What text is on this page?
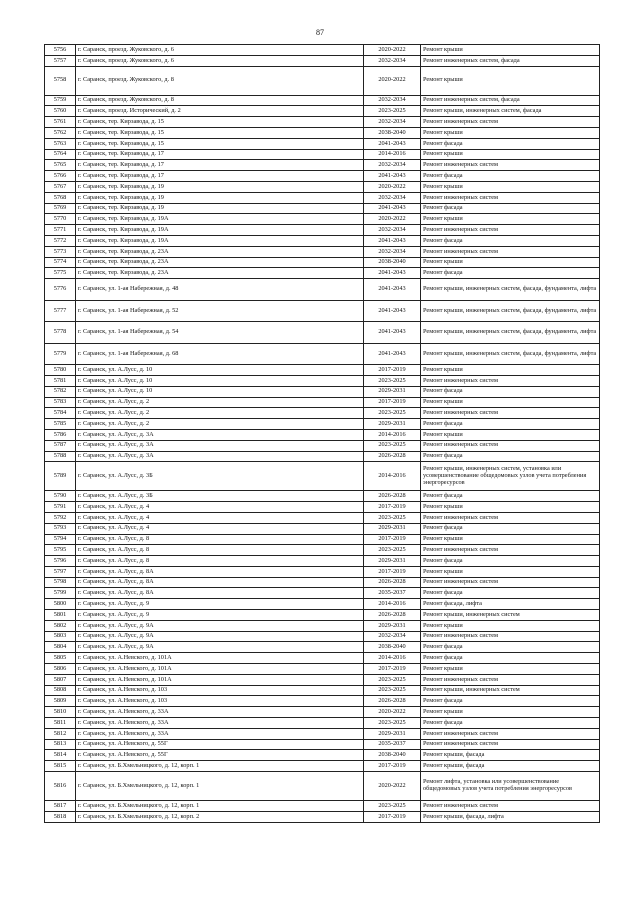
87
5756	г. Саранск, проезд. Жуковского, д. 6	2020-2022	Ремонт крыши
5757	г. Саранск, проезд. Жуковского, д. 6	2032-2034	Ремонт инженерных систем, фасада
5758	г. Саранск, проезд. Жуковского, д. 8	2020-2022	Ремонт крыши
5759	г. Саранск, проезд. Жуковского, д. 8	2032-2034	Ремонт инженерных систем, фасада
5760	г. Саранск, проезд. Исторический, д. 2	2023-2025	Ремонт крыши, инженерных систем, фасада
5761	г. Саранск, тер. Кирзавода, д. 15	2032-2034	Ремонт инженерных систем
5762	г. Саранск, тер. Кирзавода, д. 15	2038-2040	Ремонт крыши
5763	г. Саранск, тер. Кирзавода, д. 15	2041-2043	Ремонт фасада
5764	г. Саранск, тер. Кирзавода, д. 17	2014-2016	Ремонт крыши
5765	г. Саранск, тер. Кирзавода, д. 17	2032-2034	Ремонт инженерных систем
5766	г. Саранск, тер. Кирзавода, д. 17	2041-2043	Ремонт фасада
5767	г. Саранск, тер. Кирзавода, д. 19	2020-2022	Ремонт крыши
5768	г. Саранск, тер. Кирзавода, д. 19	2032-2034	Ремонт инженерных систем
5769	г. Саранск, тер. Кирзавода, д. 19	2041-2043	Ремонт фасада
5770	г. Саранск, тер. Кирзавода, д. 19А	2020-2022	Ремонт крыши
5771	г. Саранск, тер. Кирзавода, д. 19А	2032-2034	Ремонт инженерных систем
5772	г. Саранск, тер. Кирзавода, д. 19А	2041-2043	Ремонт фасада
5773	г. Саранск, тер. Кирзавода, д. 23А	2032-2034	Ремонт инженерных систем
5774	г. Саранск, тер. Кирзавода, д. 23А	2038-2040	Ремонт крыши
5775	г. Саранск, тер. Кирзавода, д. 23А	2041-2043	Ремонт фасада
5776	г. Саранск, ул. 1-ая Набережная, д. 48	2041-2043	Ремонт крыши, инженерных систем, фасада, фундамента, лифта
5777	г. Саранск, ул. 1-ая Набережная, д. 52	2041-2043	Ремонт крыши, инженерных систем, фасада, фундамента, лифта
5778	г. Саранск, ул. 1-ая Набережная, д. 54	2041-2043	Ремонт крыши, инженерных систем, фасада, фундамента, лифта
5779	г. Саранск, ул. 1-ая Набережная, д. 68	2041-2043	Ремонт крыши, инженерных систем, фасада, фундамента, лифта
5780	г. Саранск, ул. А.Лусс, д. 10	2017-2019	Ремонт крыши
5781	г. Саранск, ул. А.Лусс, д. 10	2023-2025	Ремонт инженерных систем
5782	г. Саранск, ул. А.Лусс, д. 10	2029-2031	Ремонт фасада
5783	г. Саранск, ул. А.Лусс, д. 2	2017-2019	Ремонт крыши
5784	г. Саранск, ул. А.Лусс, д. 2	2023-2025	Ремонт инженерных систем
5785	г. Саранск, ул. А.Лусс, д. 2	2029-2031	Ремонт фасада
5786	г. Саранск, ул. А.Лусс, д. 3А	2014-2016	Ремонт крыши
5787	г. Саранск, ул. А.Лусс, д. 3А	2023-2025	Ремонт инженерных систем
5788	г. Саранск, ул. А.Лусс, д. 3А	2026-2028	Ремонт фасада
5789	г. Саранск, ул. А.Лусс, д. 3Б	2014-2016	Ремонт крыши, инженерных систем, установка или усовершенствование общедомовых узлов учета потребления энергоресурсов
5790	г. Саранск, ул. А.Лусс, д. 3Б	2026-2028	Ремонт фасада
5791	г. Саранск, ул. А.Лусс, д. 4	2017-2019	Ремонт крыши
5792	г. Саранск, ул. А.Лусс, д. 4	2023-2025	Ремонт инженерных систем
5793	г. Саранск, ул. А.Лусс, д. 4	2029-2031	Ремонт фасада
5794	г. Саранск, ул. А.Лусс, д. 8	2017-2019	Ремонт крыши
5795	г. Саранск, ул. А.Лусс, д. 8	2023-2025	Ремонт инженерных систем
5796	г. Саранск, ул. А.Лусс, д. 8	2029-2031	Ремонт фасада
5797	г. Саранск, ул. А.Лусс, д. 8А	2017-2019	Ремонт крыши
5798	г. Саранск, ул. А.Лусс, д. 8А	2026-2028	Ремонт инженерных систем
5799	г. Саранск, ул. А.Лусс, д. 8А	2035-2037	Ремонт фасада
5800	г. Саранск, ул. А.Лусс, д. 9	2014-2016	Ремонт фасада, лифта
5801	г. Саранск, ул. А.Лусс, д. 9	2026-2028	Ремонт крыши, инженерных систем
5802	г. Саранск, ул. А.Лусс, д. 9А	2029-2031	Ремонт крыши
5803	г. Саранск, ул. А.Лусс, д. 9А	2032-2034	Ремонт инженерных систем
5804	г. Саранск, ул. А.Лусс, д. 9А	2038-2040	Ремонт фасада
5805	г. Саранск, ул. А.Невского, д. 101А	2014-2016	Ремонт фасада
5806	г. Саранск, ул. А.Невского, д. 101А	2017-2019	Ремонт крыши
5807	г. Саранск, ул. А.Невского, д. 101А	2023-2025	Ремонт инженерных систем
5808	г. Саранск, ул. А.Невского, д. 103	2023-2025	Ремонт крыши, инженерных систем
5809	г. Саранск, ул. А.Невского, д. 103	2026-2028	Ремонт фасада
5810	г. Саранск, ул. А.Невского, д. 33А	2020-2022	Ремонт крыши
5811	г. Саранск, ул. А.Невского, д. 33А	2023-2025	Ремонт фасада
5812	г. Саранск, ул. А.Невского, д. 33А	2029-2031	Ремонт инженерных систем
5813	г. Саранск, ул. А.Невского, д. 55Г	2035-2037	Ремонт инженерных систем
5814	г. Саранск, ул. А.Невского, д. 55Г	2038-2040	Ремонт крыши, фасада
5815	г. Саранск, ул. Б.Хмельницкого, д. 12, корп. 1	2017-2019	Ремонт крыши, фасада
5816	г. Саранск, ул. Б.Хмельницкого, д. 12, корп. 1	2020-2022	Ремонт лифта, установка или усовершенствование общедомовых узлов учета потребления энергоресурсов
5817	г. Саранск, ул. Б.Хмельницкого, д. 12, корп. 1	2023-2025	Ремонт инженерных систем
5818	г. Саранск, ул. Б.Хмельницкого, д. 12, корп. 2	2017-2019	Ремонт крыши, фасада, лифта
